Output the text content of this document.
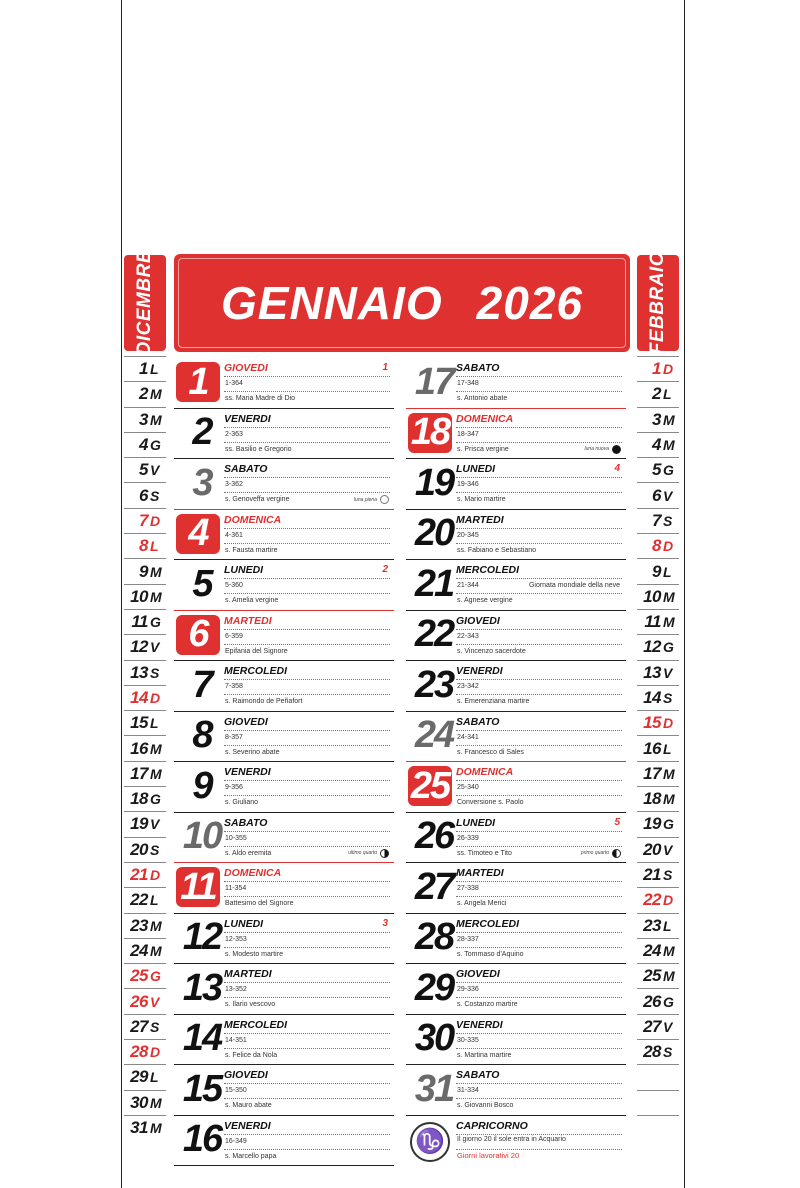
DICEMBRE	FEBBRAIO
1 L
2 M
3 M
4 G
5 V
6 S
7 D
8 L
9 M
10 M
11 G
12 V
13 S
14 D
15 L
16 M
17 M
18 G
19 V
20 S
21 D
22 L
23 M
24 M
25 G
26 V
27 S
28 D
29 L
30 M
31 M
1 D
2 L
3 M
4 M
5 G
6 V
7 S
8 D
9 L
10 M
11 M
12 G
13 V
14 S
15 D
16 L
17 M
18 M
19 G
20 V
21 S
22 D
23 L
24 M
25 M
26 G
27 V
28 S
GENNAIO 2026
1	GIOVEDI	1
1-364
ss. Maria Madre di Dio
2	VENERDI
2-363
ss. Basilio e Gregorio
3	SABATO
3-362
s. Genoveffa vergine	luna piena
4	DOMENICA
4-361
s. Fausta martire
5	LUNEDI	2
5-360
s. Amelia vergine
6	MARTEDI
6-359
Epifania del Signore
7	MERCOLEDI
7-358
s. Raimondo de Peñafort
8	GIOVEDI
8-357
s. Severino abate
9	VENERDI
9-356
s. Giuliano
10 SABATO
10-355
s. Aldo eremita	ultimo quarto
11 DOMENICA
11-354
Battesimo del Signore
12 LUNEDI	3
12-353
s. Modesto martire
13 MARTEDI
13-352
s. Ilario vescovo
14 MERCOLEDI
14-351
s. Felice da Nola
15 GIOVEDI
15-350
s. Mauro abate
16 VENERDI
16-349
s. Marcello papa
17 SABATO
17-348
s. Antonio abate
18 DOMENICA
18-347
s. Prisca vergine	luna nuova
19 LUNEDI	4
19-346
s. Mario martire
20 MARTEDI
20-345
ss. Fabiano e Sebastiano
21 MERCOLEDI
21-344
s. Agnese vergine
Giornata mondiale della neve
22 GIOVEDI
22-343
s. Vincenzo sacerdote
23 VENERDI
23-342
s. Emerenziana martire
24 SABATO
24-341
s. Francesco di Sales
25 DOMENICA
25-340
Conversione s. Paolo
26 LUNEDI	5
26-339
ss. Timoteo e Tito	primo quarto
27 MARTEDI
27-338
s. Angela Merici
28 MERCOLEDI
28-337
s. Tommaso d'Aquino
29 GIOVEDI
29-336
s. Costanzo martire
30 VENERDI
30-335
s. Martina martire
31 SABATO
31-334
s. Giovanni Bosco
♑
CAPRICORNO
Il giorno 20 il sole entra in Acquario
Giorni lavorativi 20
